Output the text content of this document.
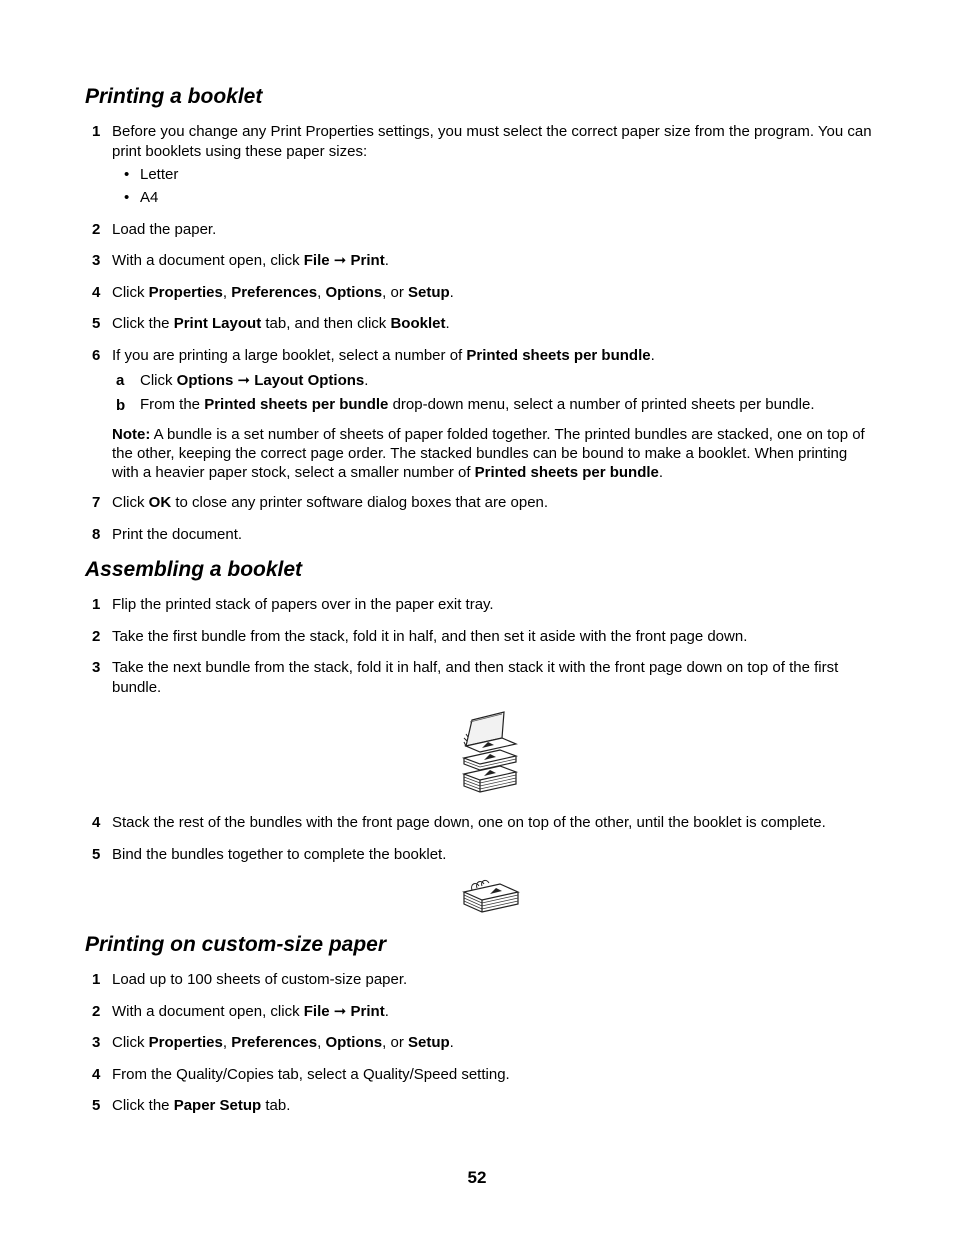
Printing a booklet
1 Before you change any Print Properties settings, you must select the correct paper size from the program. You can print booklets using these paper sizes:
• Letter
• A4
2 Load the paper.
3 With a document open, click File ➞ Print.
4 Click Properties, Preferences, Options, or Setup.
5 Click the Print Layout tab, and then click Booklet.
6 If you are printing a large booklet, select a number of Printed sheets per bundle.
a Click Options ➞ Layout Options.
b From the Printed sheets per bundle drop-down menu, select a number of printed sheets per bundle.
Note: A bundle is a set number of sheets of paper folded together. The printed bundles are stacked, one on top of the other, keeping the correct page order. The stacked bundles can be bound to make a booklet. When printing with a heavier paper stock, select a smaller number of Printed sheets per bundle.
7 Click OK to close any printer software dialog boxes that are open.
8 Print the document.
Assembling a booklet
1 Flip the printed stack of papers over in the paper exit tray.
2 Take the first bundle from the stack, fold it in half, and then set it aside with the front page down.
3 Take the next bundle from the stack, fold it in half, and then stack it with the front page down on top of the first bundle.
4 Stack the rest of the bundles with the front page down, one on top of the other, until the booklet is complete.
5 Bind the bundles together to complete the booklet.
Printing on custom-size paper
1 Load up to 100 sheets of custom-size paper.
2 With a document open, click File ➞ Print.
3 Click Properties, Preferences, Options, or Setup.
4 From the Quality/Copies tab, select a Quality/Speed setting.
5 Click the Paper Setup tab.
52
